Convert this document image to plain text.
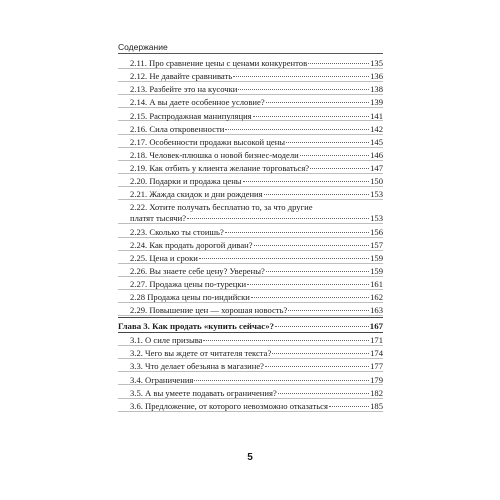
Содержание
2.11. Про сравнение цены с ценами конкурентов	135
2.12. Не давайте сравнивать	136
2.13. Разбейте это на кусочки	138
2.14. А вы даете особенное условие?	139
2.15. Распродажная манипуляция	141
2.16. Сила откровенности	142
2.17. Особенности продажи высокой цены	145
2.18. Человек-плюшка о новой бизнес-модели	146
2.19. Как отбить у клиента желание торговаться?	147
2.20. Подарки и продажа цены	150
2.21. Жажда скидок и дни рождения	153
2.22. Хотите получать бесплатно то, за что другие
платят тысячи?	153
2.23. Сколько ты стоишь?	156
2.24. Как продать дорогой диван?	157
2.25. Цена и сроки	159
2.26. Вы знаете себе цену? Уверены?	159
2.27. Продажа цены по-турецки	161
2.28 Продажа цены по-индийски	162
2.29. Повышение цен — хорошая новость?	163
Глава 3. Как продать «купить сейчас»?	167
3.1. О силе призыва	171
3.2. Чего вы ждете от читателя текста?	174
3.3. Что делает обезьяна в магазине?	177
3.4. Ограничения	179
3.5. А вы умеете подавать ограничения?	182
3.6. Предложение, от которого невозможно отказаться	185
5
